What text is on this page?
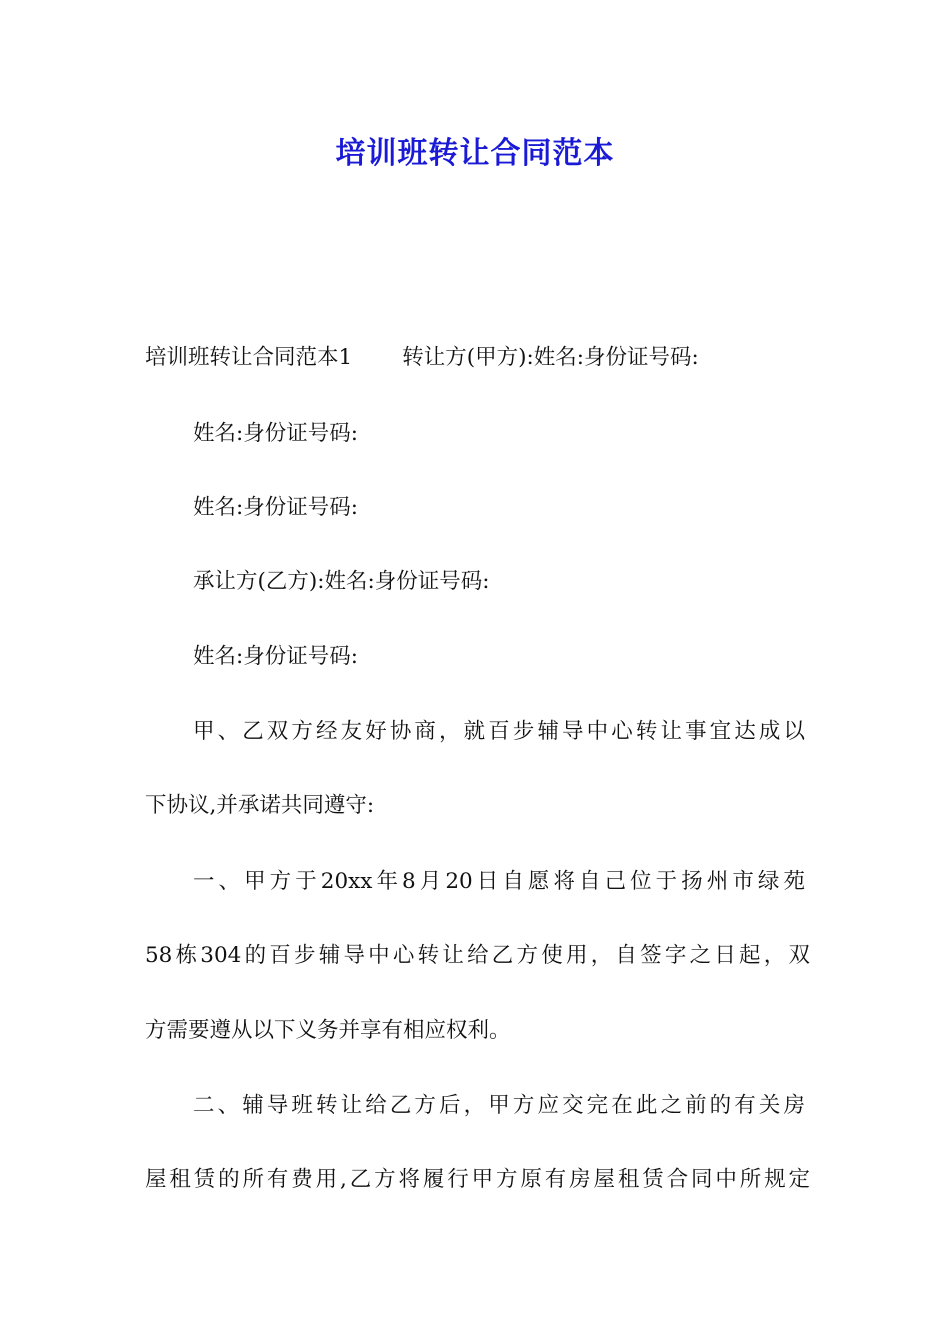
培训班转让合同范本
培训班转让合同范本1 转让方(甲方):姓名:身份证号码:
姓名:身份证号码:
姓名:身份证号码:
承让方(乙方):姓名:身份证号码:
姓名:身份证号码:
甲、乙双方经友好协商，就百步辅导中心转让事宜达成以
下协议,并承诺共同遵守:
一、甲方于20xx年8月20日自愿将自己位于扬州市绿苑
58栋304的百步辅导中心转让给乙方使用，自签字之日起，双
方需要遵从以下义务并享有相应权利。
二、辅导班转让给乙方后，甲方应交完在此之前的有关房
屋租赁的所有费用,乙方将履行甲方原有房屋租赁合同中所规定
